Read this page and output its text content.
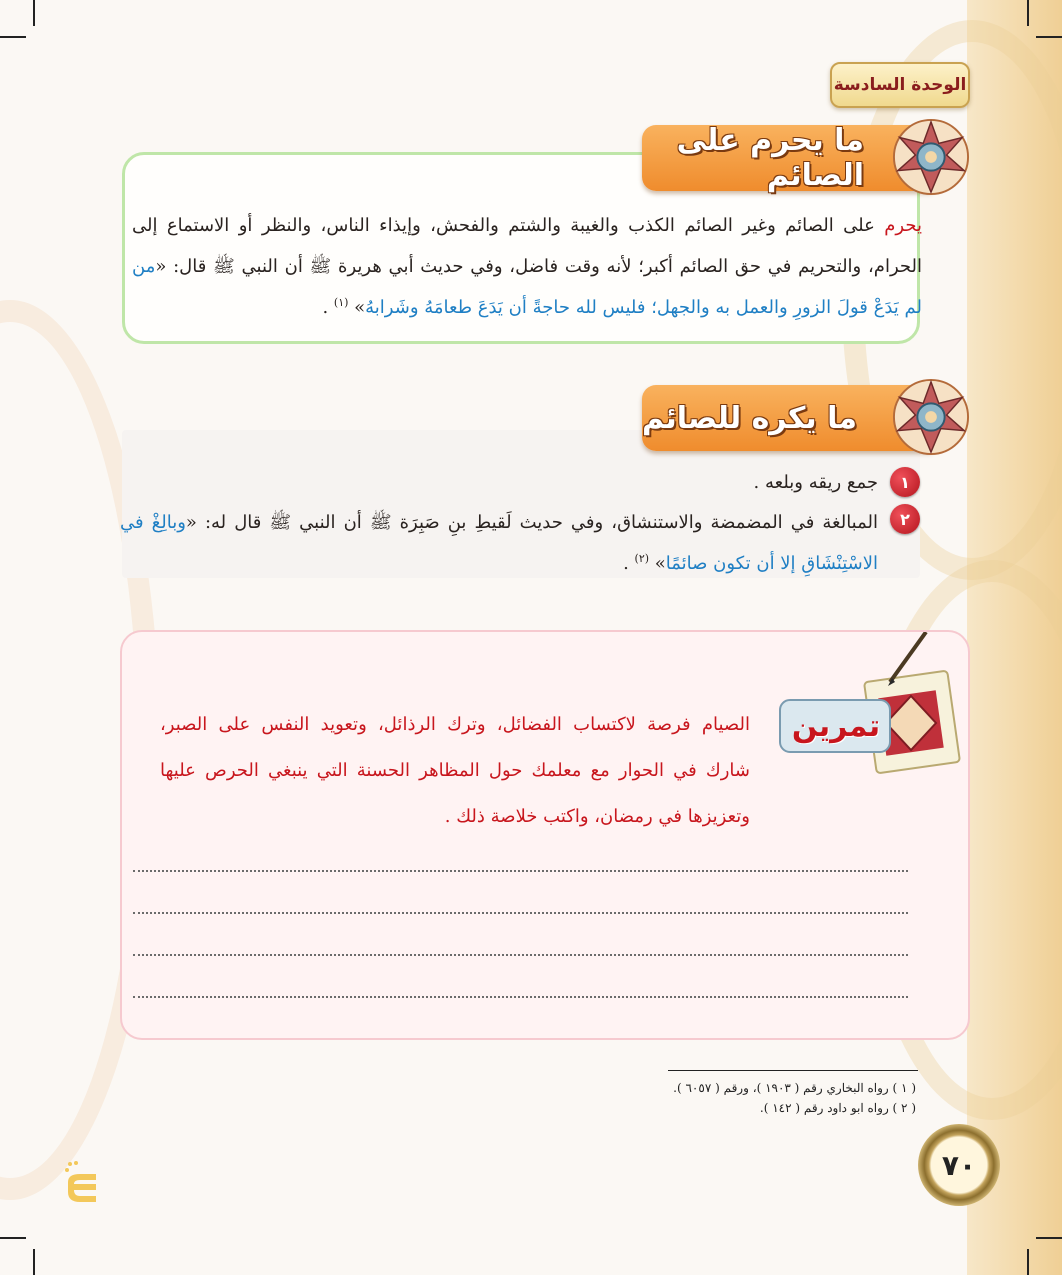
الوحدة السادسة
ما يحرم على الصائم
يحرم على الصائم وغير الصائم الكذب والغيبة والشتم والفحش، وإيذاء الناس، والنظر أو الاستماع إلى الحرام، والتحريم في حق الصائم أكبر؛ لأنه وقت فاضل، وفي حديث أبي هريرة ﷺ أن النبي ﷺ قال: «من لم يَدَعْ قولَ الزورِ والعمل به والجهل؛ فليس لله حاجةً أن يَدَعَ طعامَهُ وشَرابهُ» $^{(١)}$ .
ما يكره للصائم
١
جمع ريقه وبلعه .
٢
المبالغة في المضمضة والاستنشاق، وفي حديث لَقيطِ بنِ صَبِرَة ﷺ أن النبي ﷺ قال له: «وبالِغْ في الاسْتِنْشَاقِ إلا أن تكون صائمًا» $^{(٢)}$ .
تمرين
الصيام فرصة لاكتساب الفضائل، وترك الرذائل، وتعويد النفس على الصبر، شارك في الحوار مع معلمك حول المظاهر الحسنة التي ينبغي الحرص عليها وتعزيزها في رمضان، واكتب خلاصة ذلك .
( ١ ) رواه البخاري رقم ( ١٩٠٣ )، ورقم ( ٦٠٥٧ ).
( ٢ ) رواه ابو داود رقم ( ١٤٢ ).
٧٠
